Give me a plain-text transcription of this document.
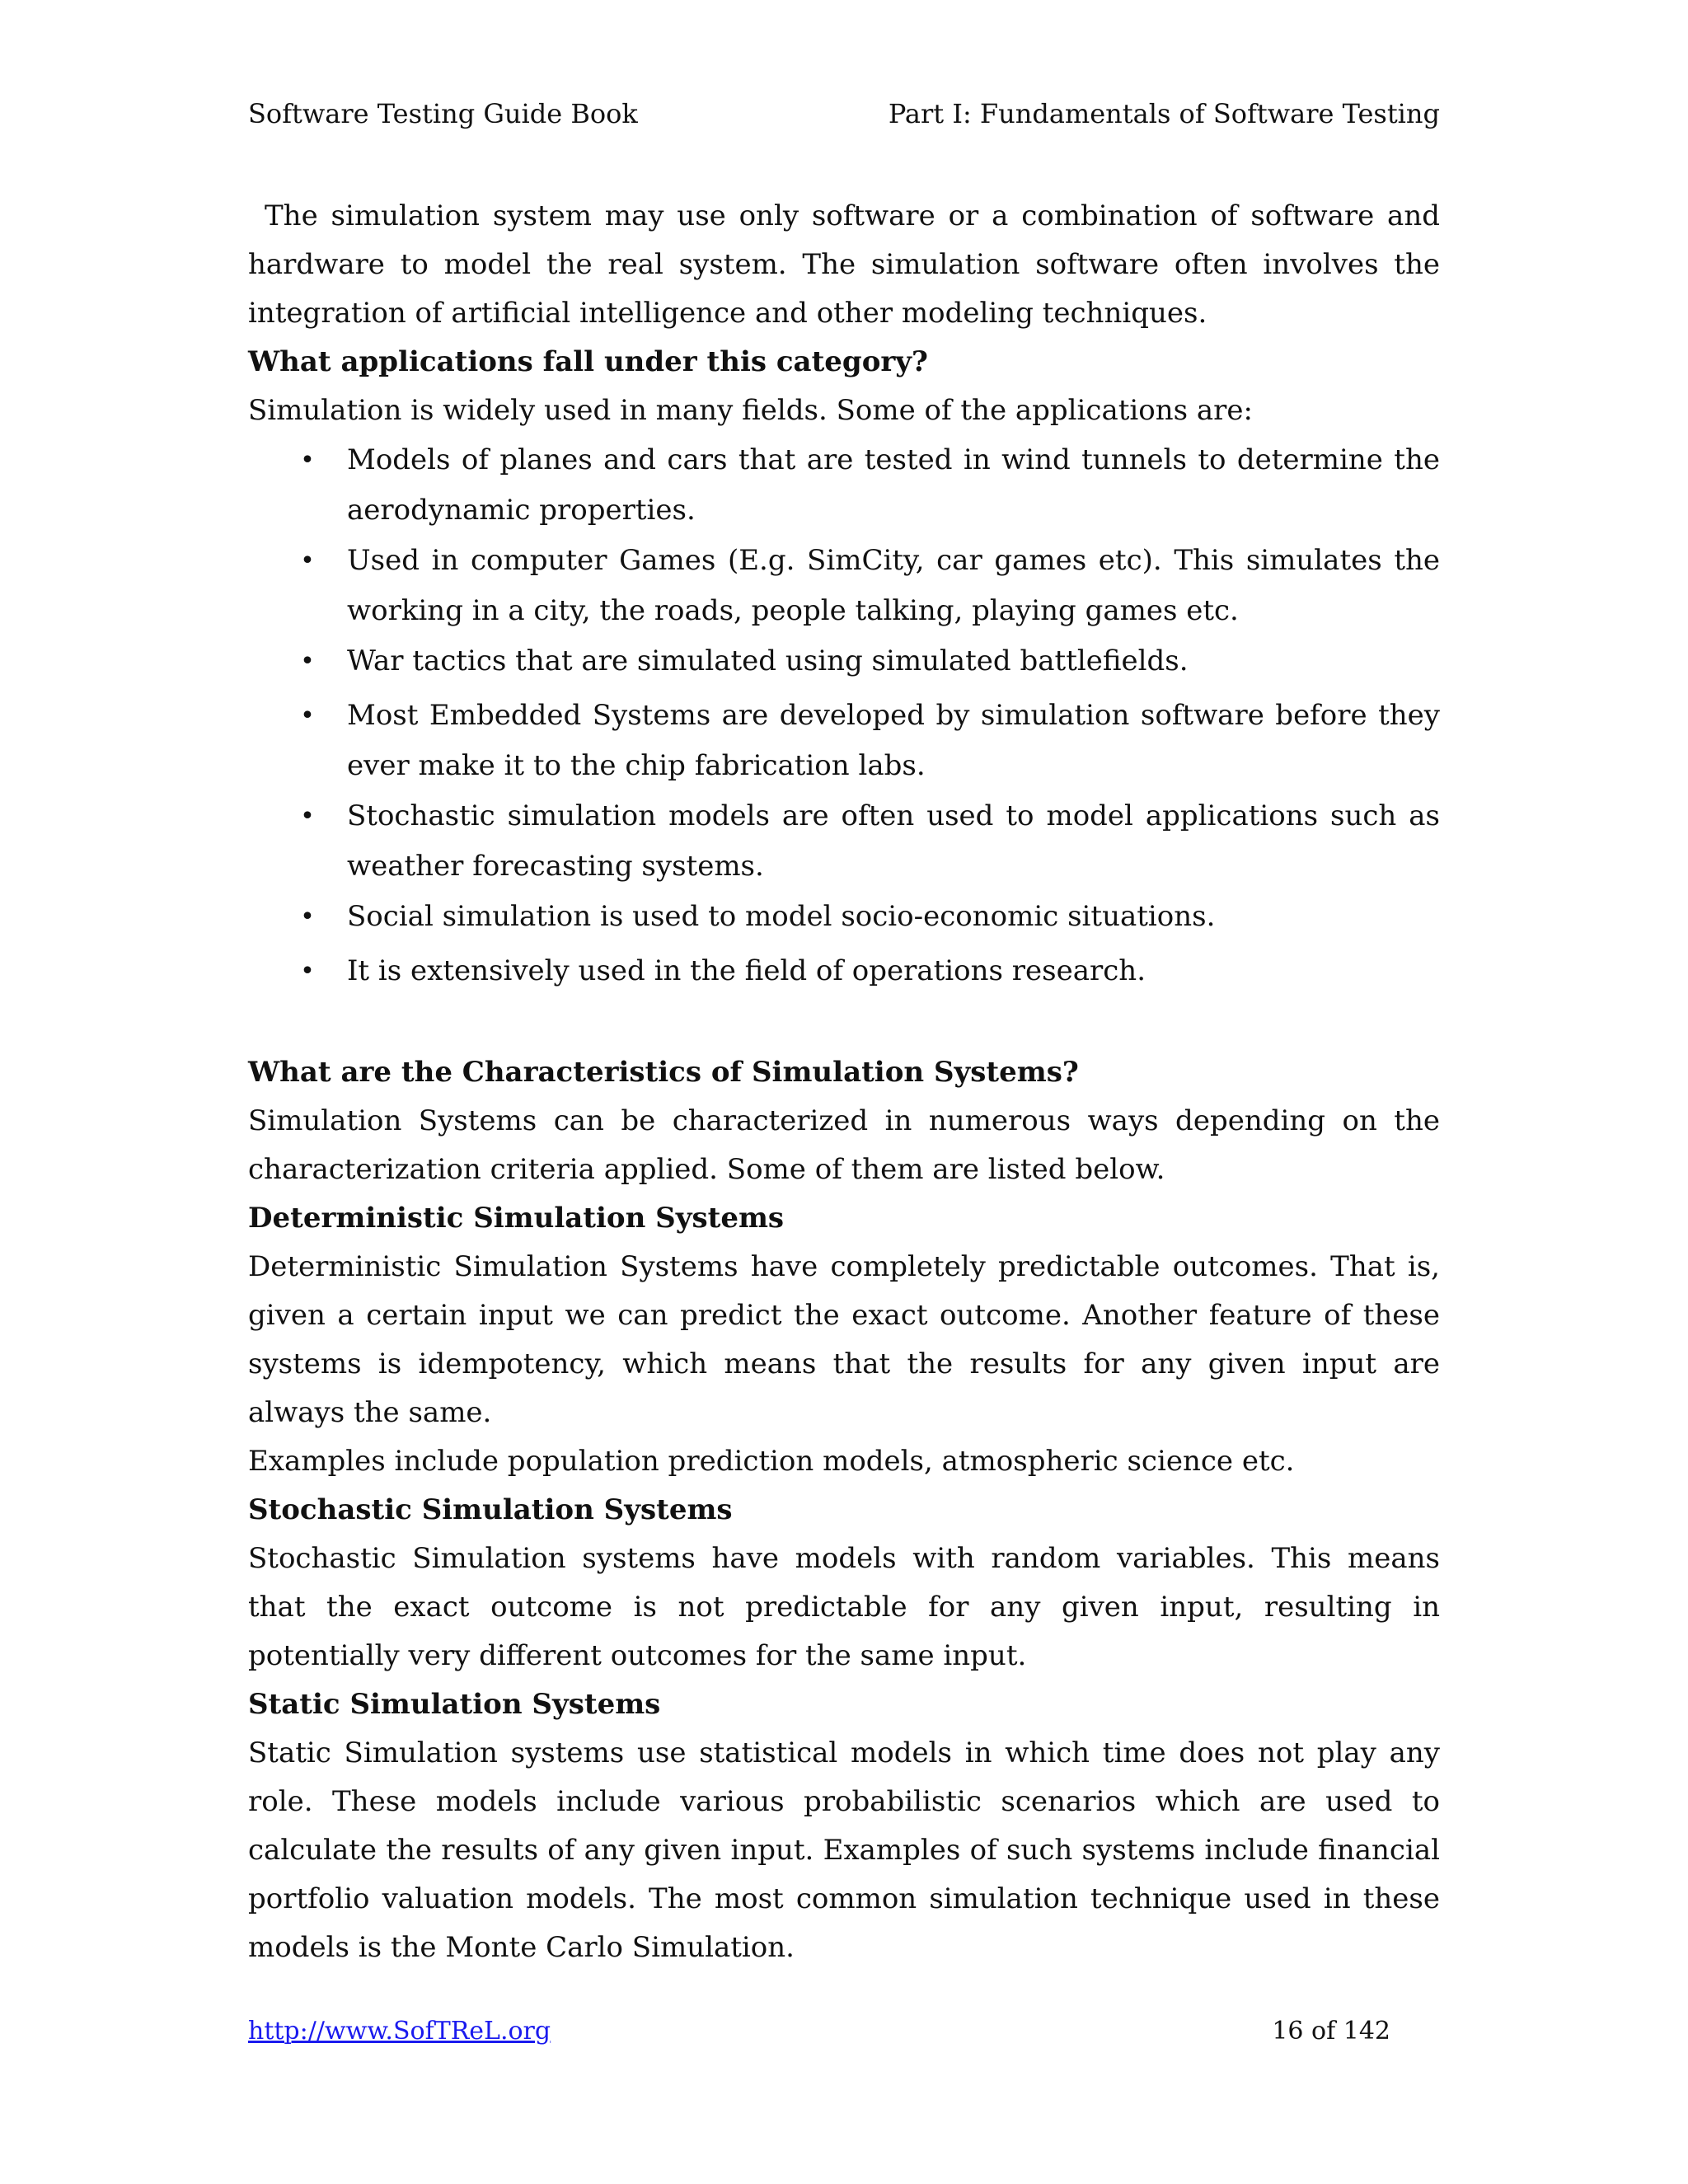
Software Testing Guide Book	Part I: Fundamentals of Software Testing

The simulation system may use only software or a combination of software and hardware to model the real system. The simulation software often involves the integration of artificial intelligence and other modeling techniques.

What applications fall under this category?

Simulation is widely used in many fields. Some of the applications are:

• Models of planes and cars that are tested in wind tunnels to determine the aerodynamic properties.
• Used in computer Games (E.g. SimCity, car games etc). This simulates the working in a city, the roads, people talking, playing games etc.
• War tactics that are simulated using simulated battlefields.
• Most Embedded Systems are developed by simulation software before they ever make it to the chip fabrication labs.
• Stochastic simulation models are often used to model applications such as weather forecasting systems.
• Social simulation is used to model socio-economic situations.
• It is extensively used in the field of operations research.
What are the Characteristics of Simulation Systems?

Simulation Systems can be characterized in numerous ways depending on the characterization criteria applied. Some of them are listed below.

Deterministic Simulation Systems

Deterministic Simulation Systems have completely predictable outcomes. That is, given a certain input we can predict the exact outcome. Another feature of these systems is idempotency, which means that the results for any given input are always the same.

Examples include population prediction models, atmospheric science etc.

Stochastic Simulation Systems

Stochastic Simulation systems have models with random variables. This means that the exact outcome is not predictable for any given input, resulting in potentially very different outcomes for the same input.

Static Simulation Systems

Static Simulation systems use statistical models in which time does not play any role. These models include various probabilistic scenarios which are used to calculate the results of any given input. Examples of such systems include financial portfolio valuation models. The most common simulation technique used in these models is the Monte Carlo Simulation.

http://www.SofTReL.org	16 of 142
